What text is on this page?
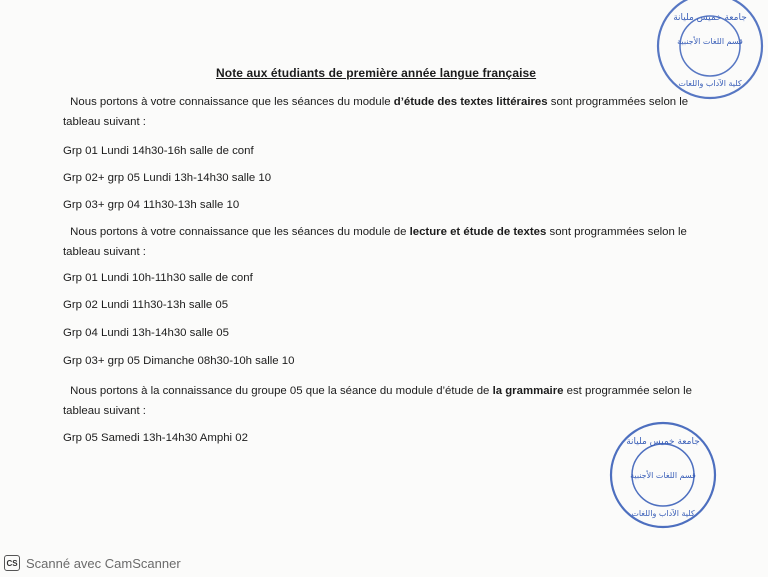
جامعة خميس مليانة
قسم اللغات الأجنبية
كلية الآداب واللغات
Note aux étudiants de première année langue française
Nous portons à votre connaissance que les séances du module d’étude des textes littéraires sont programmées selon le tableau suivant :
Grp 01 Lundi 14h30-16h salle de conf
Grp 02+ grp 05 Lundi 13h-14h30 salle 10
Grp 03+ grp 04 11h30-13h salle 10
Nous portons à votre connaissance que les séances du module de lecture et étude de textes sont programmées selon le tableau suivant :
Grp 01 Lundi 10h-11h30 salle de conf
Grp 02 Lundi 11h30-13h salle 05
Grp 04 Lundi 13h-14h30 salle 05
Grp 03+ grp 05 Dimanche 08h30-10h salle 10
Nous portons à la connaissance du groupe 05 que la séance du module d’étude de la grammaire est programmée selon le tableau suivant :
Grp 05 Samedi 13h-14h30 Amphi 02	جامعة خميس مليانة
قسم اللغات الأجنبية
كلية الآداب واللغات
CS Scanné avec CamScanner
